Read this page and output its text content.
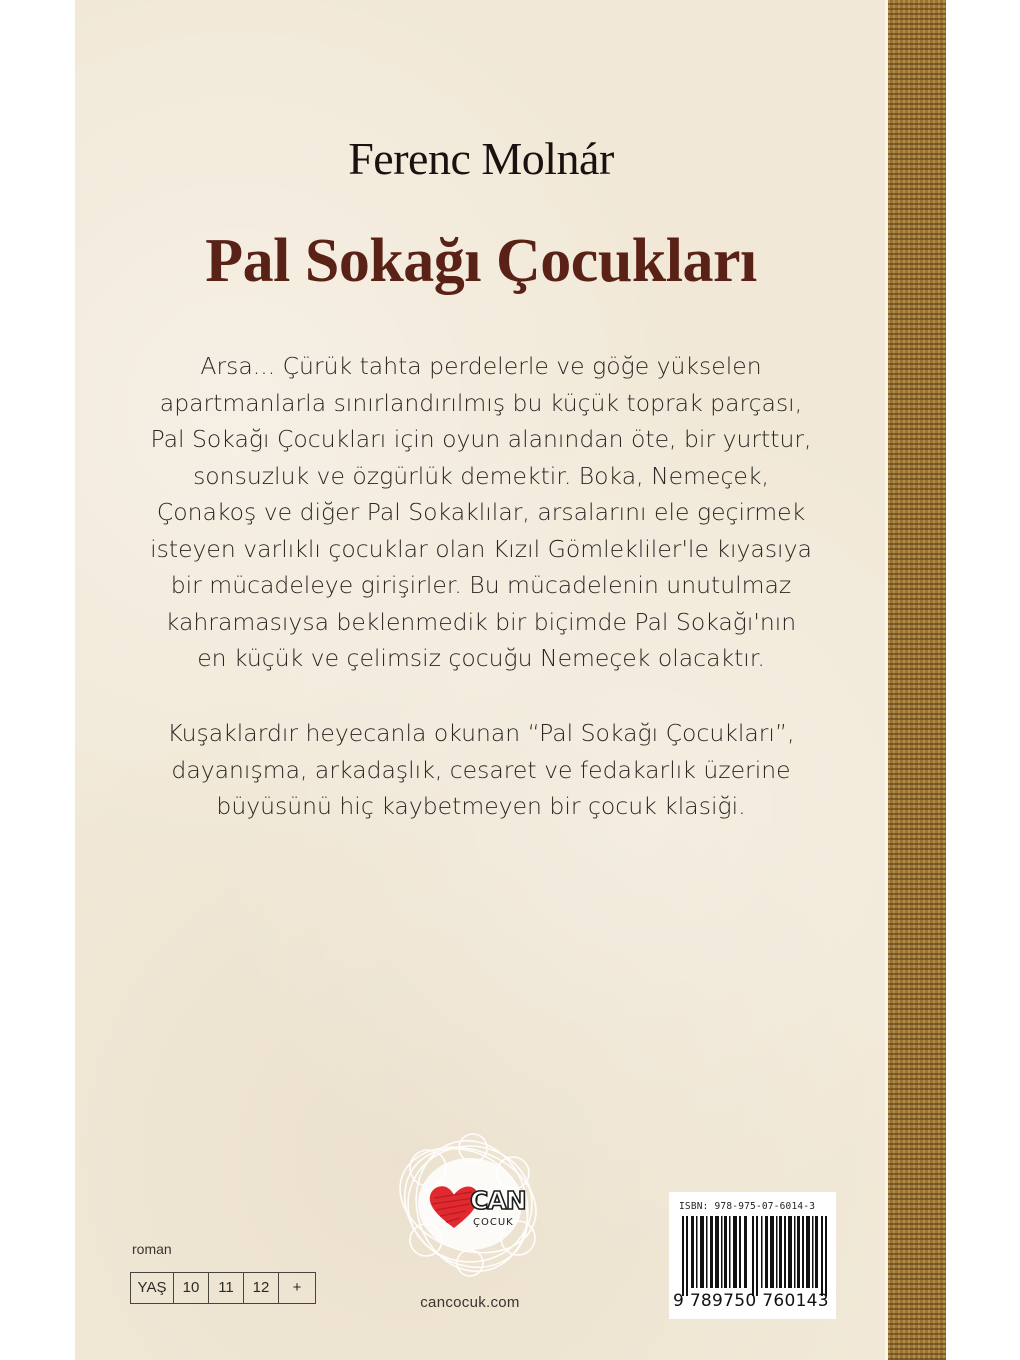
Ferenc Molnár
Pal Sokağı Çocukları
Arsa... Çürük tahta perdelerle ve göğe yükselen
apartmanlarla sınırlandırılmış bu küçük toprak parçası,
Pal Sokağı Çocukları için oyun alanından öte, bir yurttur,
sonsuzluk ve özgürlük demektir. Boka, Nemeçek,
Çonakoş ve diğer Pal Sokaklılar, arsalarını ele geçirmek
isteyen varlıklı çocuklar olan Kızıl Gömlekliler'le kıyasıya
bir mücadeleye girişirler. Bu mücadelenin unutulmaz
kahramasıysa beklenmedik bir biçimde Pal Sokağı'nın
en küçük ve çelimsiz çocuğu Nemeçek olacaktır.
Kuşaklardır heyecanla okunan “Pal Sokağı Çocukları”,
dayanışma, arkadaşlık, cesaret ve fedakarlık üzerine
büyüsünü hiç kaybetmeyen bir çocuk klasiği.
roman
YAŞ	10	11	12	+
CAN
ÇOCUK
cancocuk.com
ISBN: 978-975-07-6014-3
9 789750 760143
